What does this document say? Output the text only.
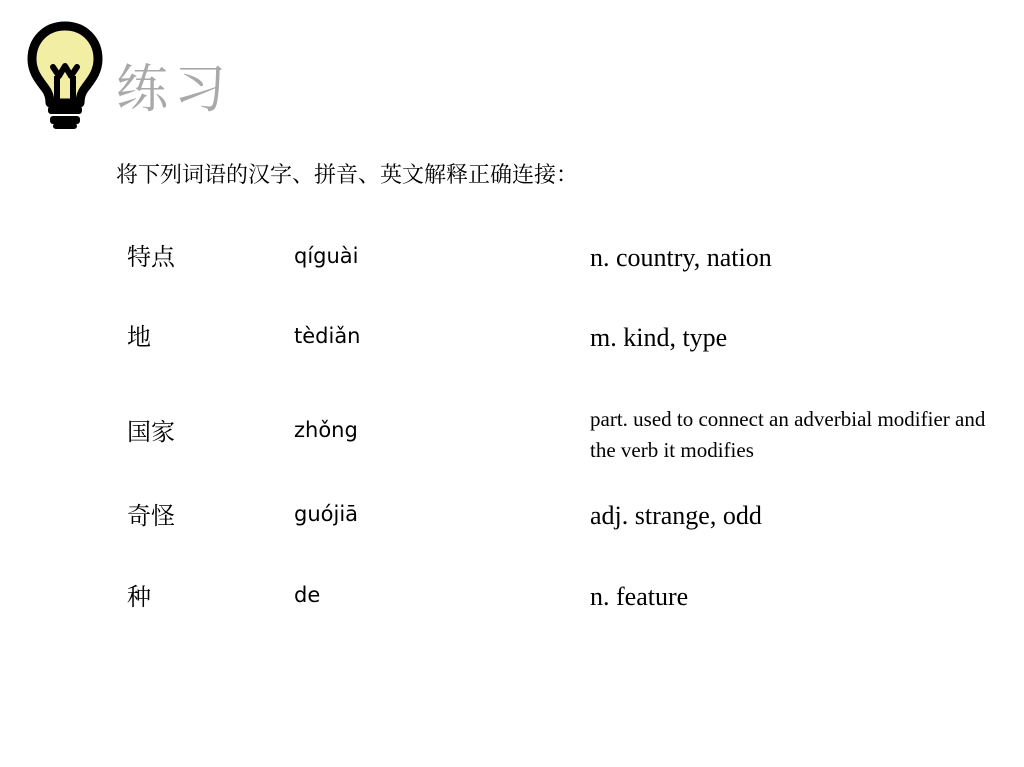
练习
将下列词语的汉字、拼音、英文解释正确连接：
特点
地
国家
奇怪
种
qíguài
tèdiǎn
zhǒng
guójiā
de
n. country, nation
m. kind, type
part. used to connect an adverbial modifier and the verb it modifies
adj. strange, odd
n. feature
